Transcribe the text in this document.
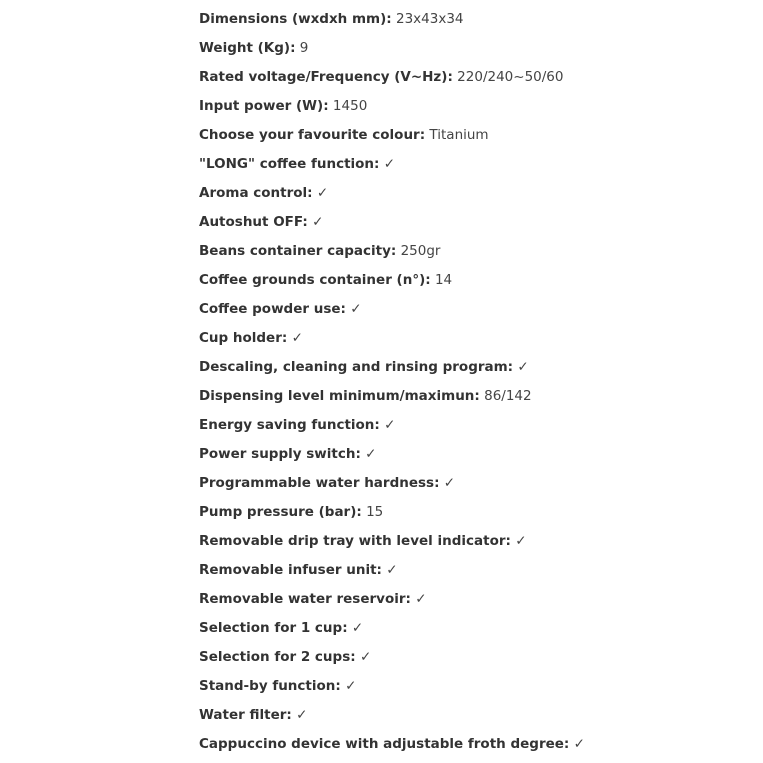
Dimensions (wxdxh mm): 23x43x34
Weight (Kg): 9
Rated voltage/Frequency (V~Hz): 220/240~50/60
Input power (W): 1450
Choose your favourite colour: Titanium
"LONG" coffee function: ✓
Aroma control: ✓
Autoshut OFF: ✓
Beans container capacity: 250gr
Coffee grounds container (n°): 14
Coffee powder use: ✓
Cup holder: ✓
Descaling, cleaning and rinsing program: ✓
Dispensing level minimum/maximun: 86/142
Energy saving function: ✓
Power supply switch: ✓
Programmable water hardness: ✓
Pump pressure (bar): 15
Removable drip tray with level indicator: ✓
Removable infuser unit: ✓
Removable water reservoir: ✓
Selection for 1 cup: ✓
Selection for 2 cups: ✓
Stand-by function: ✓
Water filter: ✓
Cappuccino device with adjustable froth degree: ✓
